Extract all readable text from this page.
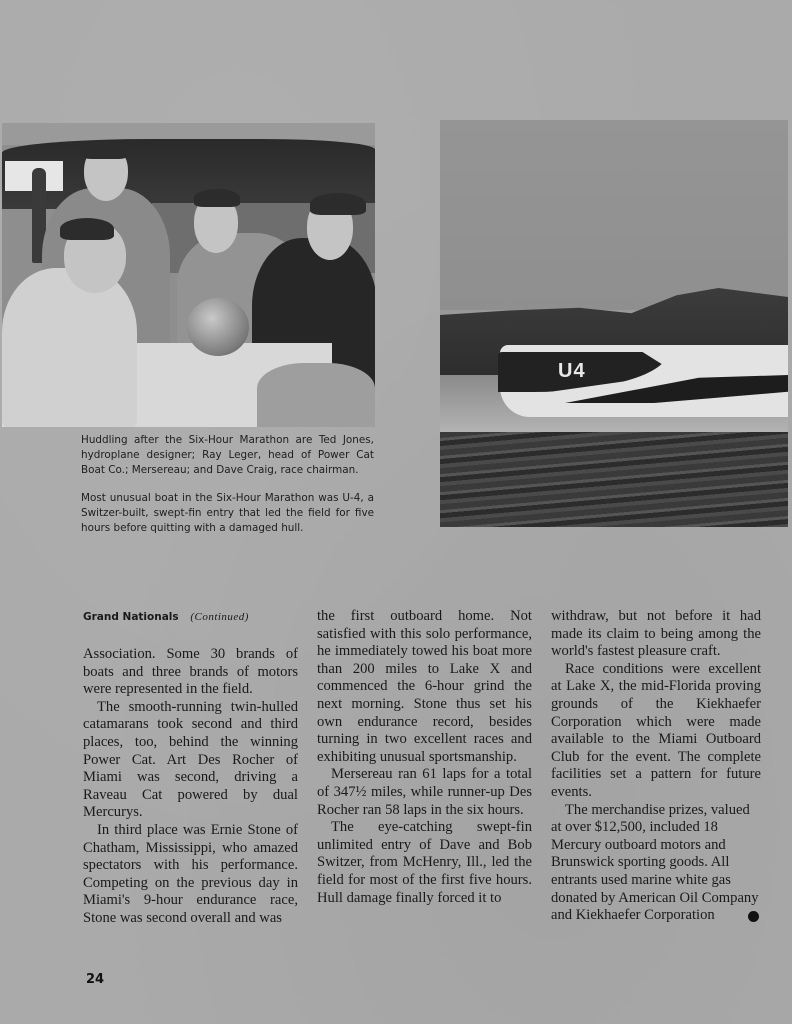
U4

Huddling after the Six-Hour Marathon are Ted Jones, hydroplane designer; Ray Leger, head of Power Cat Boat Co.; Mersereau; and Dave Craig, race chairman.

Most unusual boat in the Six-Hour Marathon was U-4, a Switzer-built, swept-fin entry that led the field for five hours before quitting with a damaged hull.

Grand Nationals (Continued)

Association. Some 30 brands of boats and three brands of motors were represented in the field.

The smooth-running twin-hulled catamarans took second and third places, too, behind the winning Power Cat. Art Des Rocher of Miami was second, driving a Raveau Cat powered by dual Mercurys.

In third place was Ernie Stone of Chatham, Mississippi, who amazed spectators with his performance. Competing on the previous day in Miami's 9-hour endurance race, Stone was second overall and was

the first outboard home. Not satisfied with this solo performance, he immediately towed his boat more than 200 miles to Lake X and commenced the 6-hour grind the next morning. Stone thus set his own endurance record, besides turning in two excellent races and exhibiting unusual sportsmanship.

Mersereau ran 61 laps for a total of 347½ miles, while runner-up Des Rocher ran 58 laps in the six hours.

The eye-catching swept-fin unlimited entry of Dave and Bob Switzer, from McHenry, Ill., led the field for most of the first five hours. Hull damage finally forced it to

withdraw, but not before it had made its claim to being among the world's fastest pleasure craft.

Race conditions were excellent at Lake X, the mid-Florida proving grounds of the Kiekhaefer Corporation which were made available to the Miami Outboard Club for the event. The complete facilities set a pattern for future events.

The merchandise prizes, valued at over $12,500, included 18 Mercury outboard motors and Brunswick sporting goods. All entrants used marine white gas donated by American Oil Company and Kiekhaefer Corporation

24
